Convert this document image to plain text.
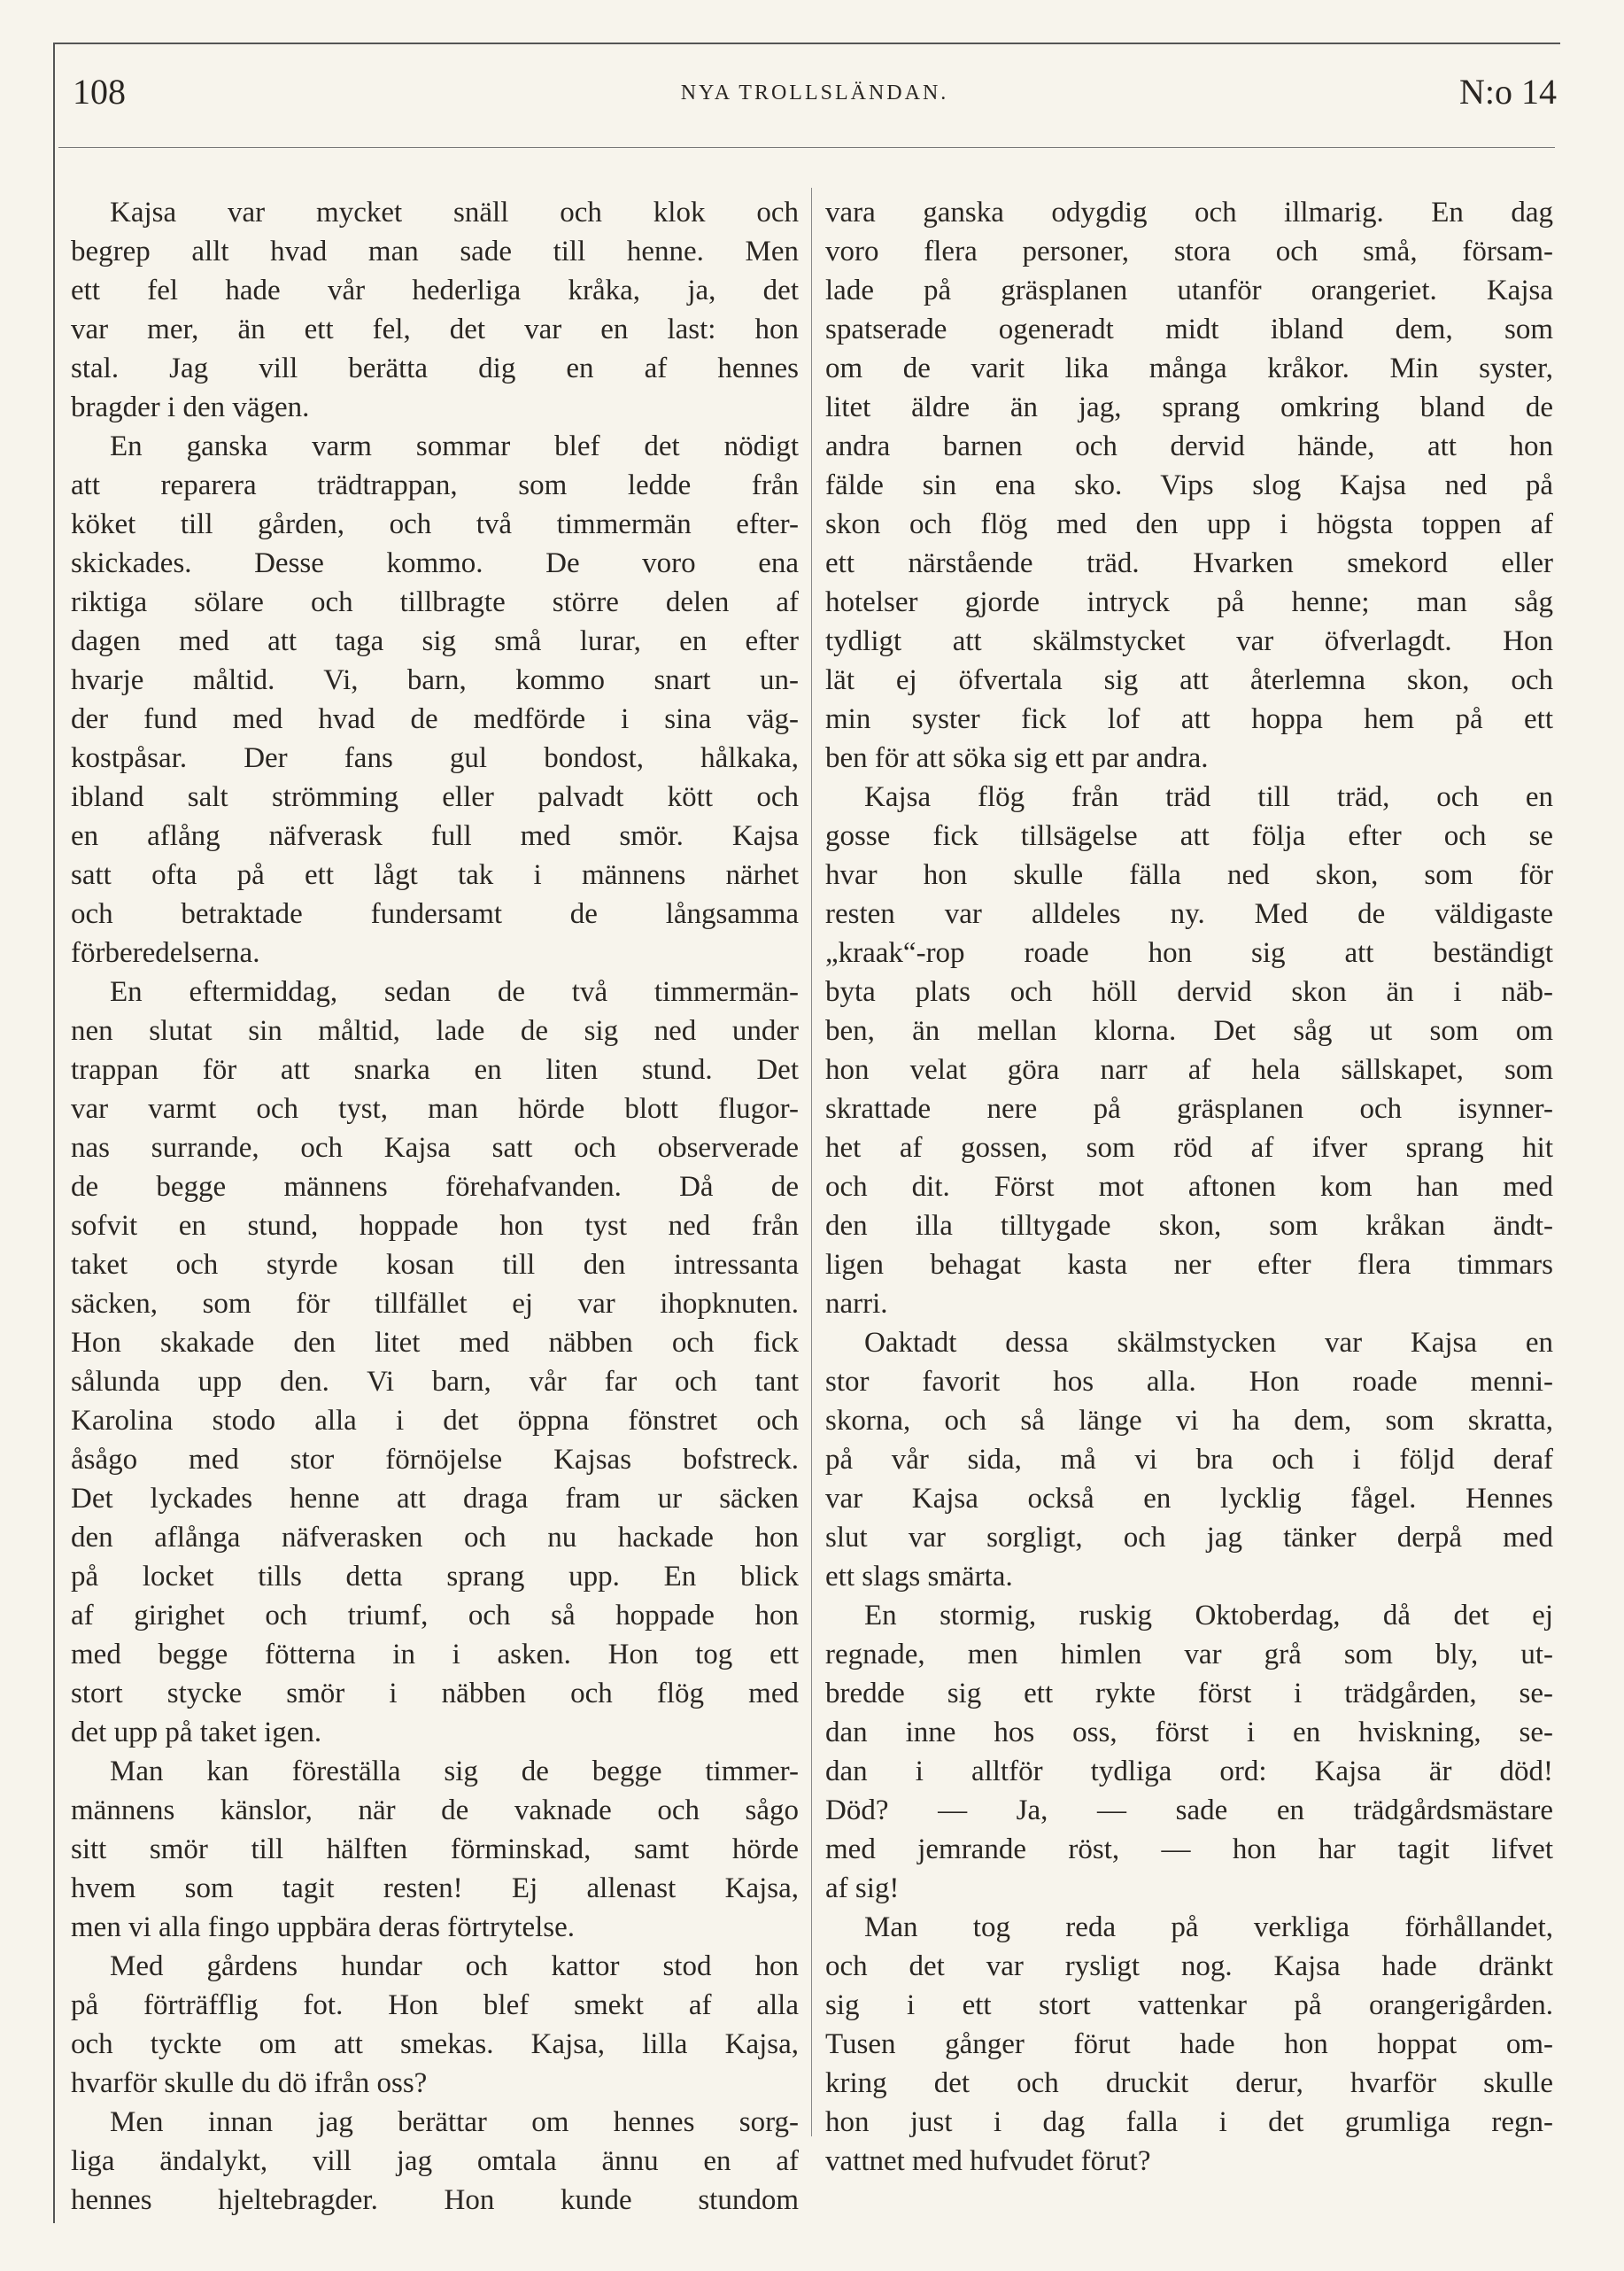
108	NYA TROLLSLÄNDAN.	N:o 14
Kajsa var mycket snäll och klok och
begrep allt hvad man sade till henne. Men
ett fel hade vår hederliga kråka, ja, det
var mer, än ett fel, det var en last: hon
stal. Jag vill berätta dig en af hennes
bragder i den vägen.
En ganska varm sommar blef det nödigt
att reparera trädtrappan, som ledde från
köket till gården, och två timmermän efter-
skickades. Desse kommo. De voro ena
riktiga sölare och tillbragte större delen af
dagen med att taga sig små lurar, en efter
hvarje måltid. Vi, barn, kommo snart un-
der fund med hvad de medförde i sina väg-
kostpåsar. Der fans gul bondost, hålkaka,
ibland salt strömming eller palvadt kött och
en aflång näfverask full med smör. Kajsa
satt ofta på ett lågt tak i männens närhet
och betraktade fundersamt de långsamma
förberedelserna.
En eftermiddag, sedan de två timmermän-
nen slutat sin måltid, lade de sig ned under
trappan för att snarka en liten stund. Det
var varmt och tyst, man hörde blott flugor-
nas surrande, och Kajsa satt och observerade
de begge männens förehafvanden. Då de
sofvit en stund, hoppade hon tyst ned från
taket och styrde kosan till den intressanta
säcken, som för tillfället ej var ihopknuten.
Hon skakade den litet med näbben och fick
sålunda upp den. Vi barn, vår far och tant
Karolina stodo alla i det öppna fönstret och
åsågo med stor förnöjelse Kajsas bofstreck.
Det lyckades henne att draga fram ur säcken
den aflånga näfverasken och nu hackade hon
på locket tills detta sprang upp. En blick
af girighet och triumf, och så hoppade hon
med begge fötterna in i asken. Hon tog ett
stort stycke smör i näbben och flög med
det upp på taket igen.
Man kan föreställa sig de begge timmer-
männens känslor, när de vaknade och sågo
sitt smör till hälften förminskad, samt hörde
hvem som tagit resten! Ej allenast Kajsa,
men vi alla fingo uppbära deras förtrytelse.
Med gårdens hundar och kattor stod hon
på förträfflig fot. Hon blef smekt af alla
och tyckte om att smekas. Kajsa, lilla Kajsa,
hvarför skulle du dö ifrån oss?
Men innan jag berättar om hennes sorg-
liga ändalykt, vill jag omtala ännu en af
hennes hjeltebragder. Hon kunde stundom
vara ganska odygdig och illmarig. En dag
voro flera personer, stora och små, försam-
lade på gräsplanen utanför orangeriet. Kajsa
spatserade ogeneradt midt ibland dem, som
om de varit lika många kråkor. Min syster,
litet äldre än jag, sprang omkring bland de
andra barnen och dervid hände, att hon
fälde sin ena sko. Vips slog Kajsa ned på
skon och flög med den upp i högsta toppen af
ett närstående träd. Hvarken smekord eller
hotelser gjorde intryck på henne; man såg
tydligt att skälmstycket var öfverlagdt. Hon
lät ej öfvertala sig att återlemna skon, och
min syster fick lof att hoppa hem på ett
ben för att söka sig ett par andra.
Kajsa flög från träd till träd, och en
gosse fick tillsägelse att följa efter och se
hvar hon skulle fälla ned skon, som för
resten var alldeles ny. Med de väldigaste
„kraak“-rop roade hon sig att beständigt
byta plats och höll dervid skon än i näb-
ben, än mellan klorna. Det såg ut som om
hon velat göra narr af hela sällskapet, som
skrattade nere på gräsplanen och isynner-
het af gossen, som röd af ifver sprang hit
och dit. Först mot aftonen kom han med
den illa tilltygade skon, som kråkan ändt-
ligen behagat kasta ner efter flera timmars
narri.
Oaktadt dessa skälmstycken var Kajsa en
stor favorit hos alla. Hon roade menni-
skorna, och så länge vi ha dem, som skratta,
på vår sida, må vi bra och i följd deraf
var Kajsa också en lycklig fågel. Hennes
slut var sorgligt, och jag tänker derpå med
ett slags smärta.
En stormig, ruskig Oktoberdag, då det ej
regnade, men himlen var grå som bly, ut-
bredde sig ett rykte först i trädgården, se-
dan inne hos oss, först i en hviskning, se-
dan i alltför tydliga ord: Kajsa är död!
Död? — Ja, — sade en trädgårdsmästare
med jemrande röst, — hon har tagit lifvet
af sig!
Man tog reda på verkliga förhållandet,
och det var rysligt nog. Kajsa hade dränkt
sig i ett stort vattenkar på orangerigården.
Tusen gånger förut hade hon hoppat om-
kring det och druckit derur, hvarför skulle
hon just i dag falla i det grumliga regn-
vattnet med hufvudet förut?
